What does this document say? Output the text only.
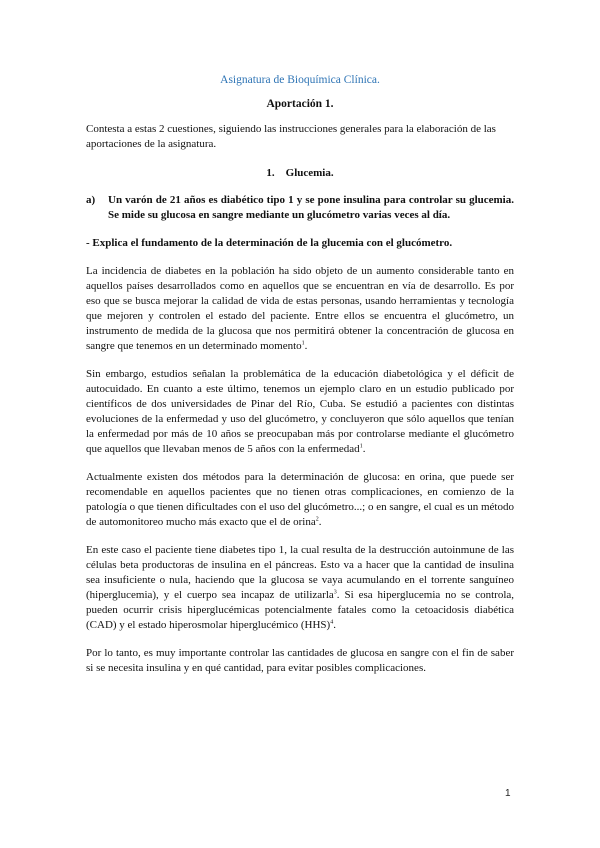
Asignatura de Bioquímica Clínica.

Aportación 1.

Contesta a estas 2 cuestiones, siguiendo las instrucciones generales para la elaboración de las aportaciones de la asignatura.

1. Glucemia.

a)	Un varón de 21 años es diabético tipo 1 y se pone insulina para controlar su glucemia. Se mide su glucosa en sangre mediante un glucómetro varias veces al día.

- Explica el fundamento de la determinación de la glucemia con el glucómetro.

La incidencia de diabetes en la población ha sido objeto de un aumento considerable tanto en aquellos países desarrollados como en aquellos que se encuentran en vía de desarrollo. Es por eso que se busca mejorar la calidad de vida de estas personas, usando herramientas y tecnología que mejoren y controlen el estado del paciente. Entre ellos se encuentra el glucómetro, un instrumento de medida de la glucosa que nos permitirá obtener la concentración de glucosa en sangre que tenemos en un determinado momento$^1$.

Sin embargo, estudios señalan la problemática de la educación diabetológica y el déficit de autocuidado. En cuanto a este último, tenemos un ejemplo claro en un estudio publicado por científicos de dos universidades de Pinar del Río, Cuba. Se estudió a pacientes con distintas evoluciones de la enfermedad y uso del glucómetro, y concluyeron que sólo aquellos que tenían la enfermedad por más de 10 años se preocupaban más por controlarse mediante el glucómetro que aquellos que llevaban menos de 5 años con la enfermedad$^1$.

Actualmente existen dos métodos para la determinación de glucosa: en orina, que puede ser recomendable en aquellos pacientes que no tienen otras complicaciones, en comienzo de la patología o que tienen dificultades con el uso del glucómetro...; o en sangre, el cual es un método de automonitoreo mucho más exacto que el de orina$^2$.

En este caso el paciente tiene diabetes tipo 1, la cual resulta de la destrucción autoinmune de las células beta productoras de insulina en el páncreas. Esto va a hacer que la cantidad de insulina sea insuficiente o nula, haciendo que la glucosa se vaya acumulando en el torrente sanguíneo (hiperglucemia), y el cuerpo sea incapaz de utilizarla$^3$. Si esa hiperglucemia no se controla, pueden ocurrir crisis hiperglucémicas potencialmente fatales como la cetoacidosis diabética (CAD) y el estado hiperosmolar hiperglucémico (HHS)$^4$.

Por lo tanto, es muy importante controlar las cantidades de glucosa en sangre con el fin de saber si se necesita insulina y en qué cantidad, para evitar posibles complicaciones.

1
